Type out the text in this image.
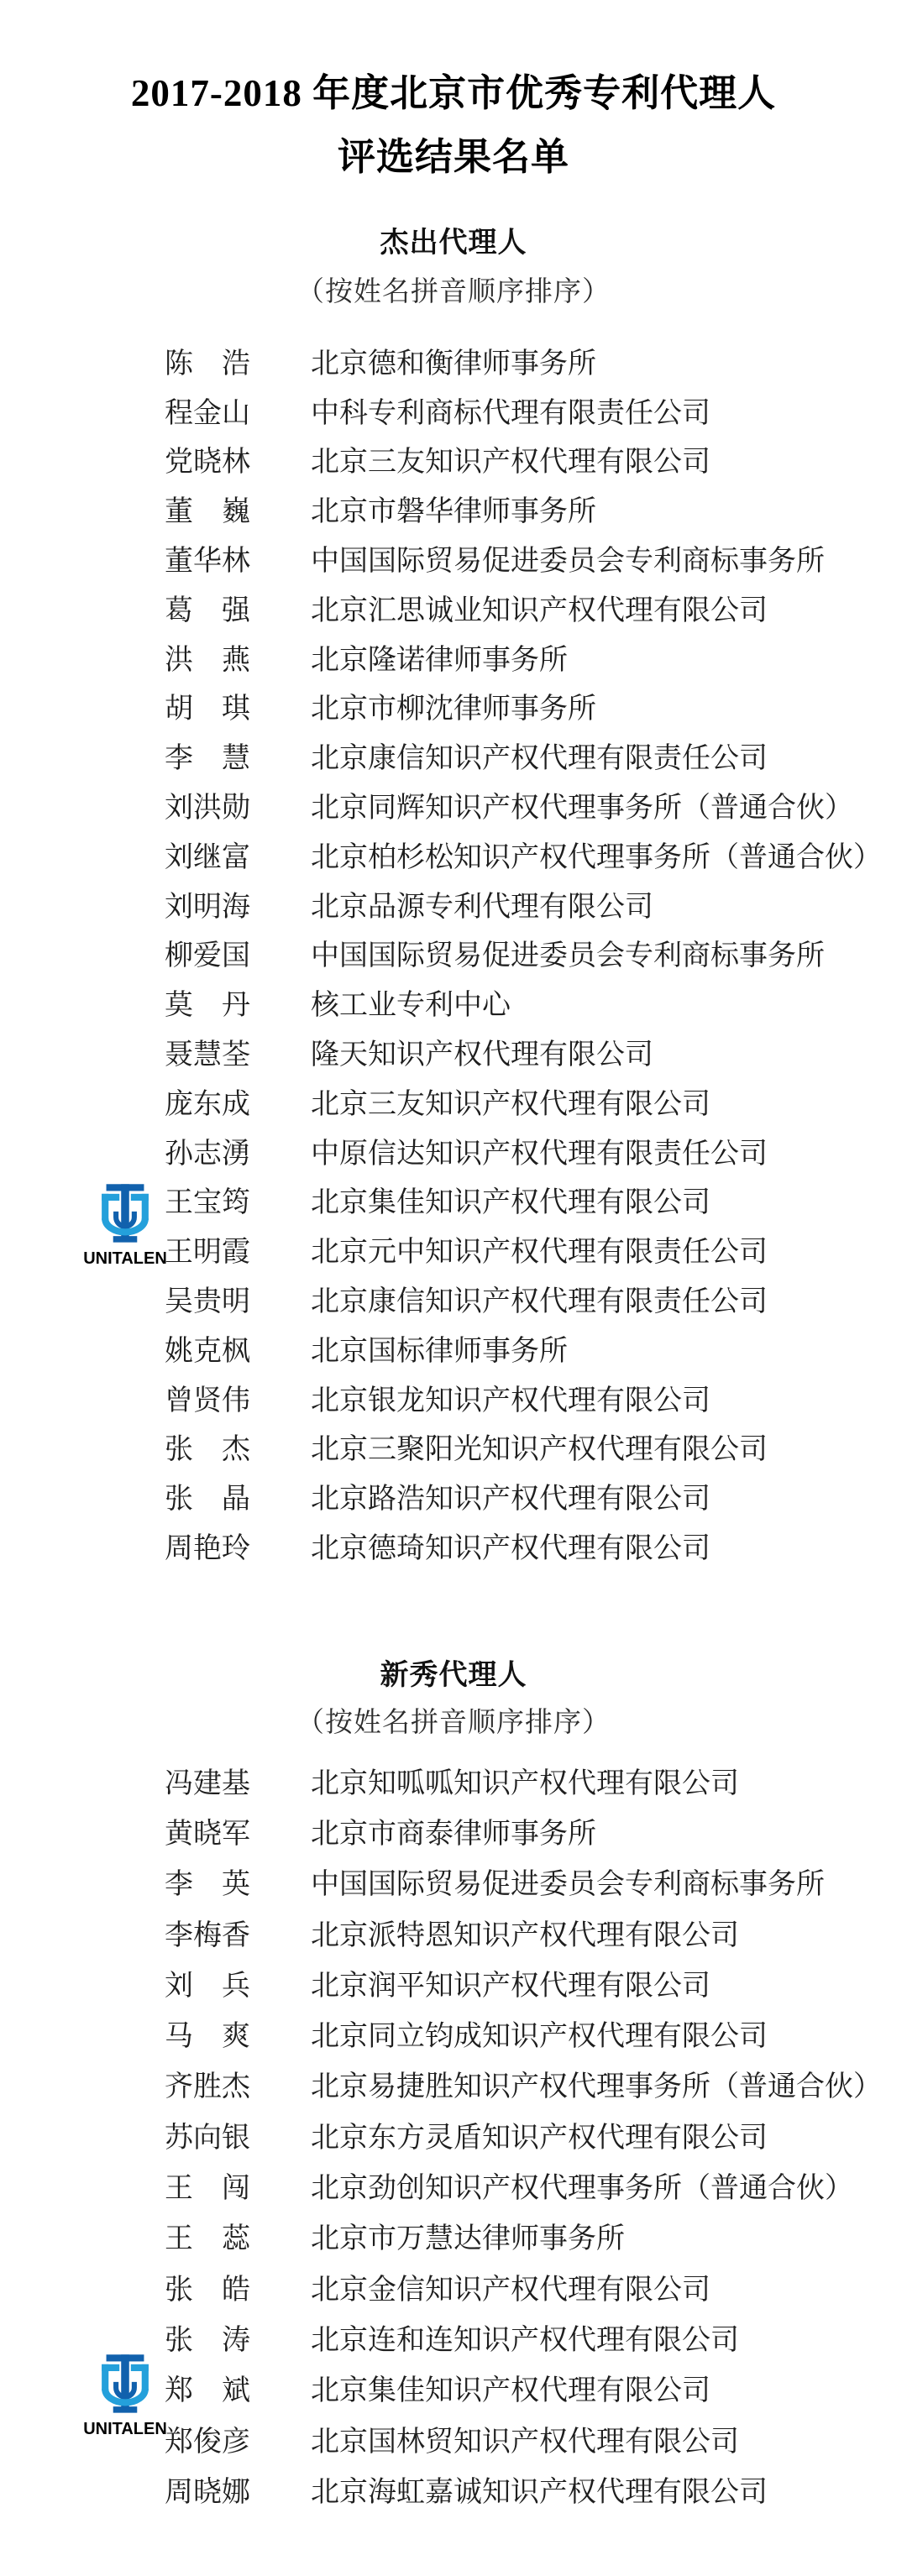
2017-2018 年度北京市优秀专利代理人
评选结果名单
杰出代理人
（按姓名拼音顺序排序）
陈　浩 北京德和衡律师事务所
程金山 中科专利商标代理有限责任公司
党晓林 北京三友知识产权代理有限公司
董　巍 北京市磐华律师事务所
董华林 中国国际贸易促进委员会专利商标事务所
葛　强 北京汇思诚业知识产权代理有限公司
洪　燕 北京隆诺律师事务所
胡　琪 北京市柳沈律师事务所
李　慧 北京康信知识产权代理有限责任公司
刘洪勋 北京同辉知识产权代理事务所（普通合伙）
刘继富 北京柏杉松知识产权代理事务所（普通合伙）
刘明海 北京品源专利代理有限公司
柳爱国 中国国际贸易促进委员会专利商标事务所
莫　丹 核工业专利中心
聂慧荃 隆天知识产权代理有限公司
庞东成 北京三友知识产权代理有限公司
孙志湧 中原信达知识产权代理有限责任公司
王宝筠 北京集佳知识产权代理有限公司
王明霞 北京元中知识产权代理有限责任公司
吴贵明 北京康信知识产权代理有限责任公司
姚克枫 北京国标律师事务所
曾贤伟 北京银龙知识产权代理有限公司
张　杰 北京三聚阳光知识产权代理有限公司
张　晶 北京路浩知识产权代理有限公司
周艳玲 北京德琦知识产权代理有限公司
新秀代理人
（按姓名拼音顺序排序）
冯建基 北京知呱呱知识产权代理有限公司
黄晓军 北京市商泰律师事务所
李　英 中国国际贸易促进委员会专利商标事务所
李梅香 北京派特恩知识产权代理有限公司
刘　兵 北京润平知识产权代理有限公司
马　爽 北京同立钧成知识产权代理有限公司
齐胜杰 北京易捷胜知识产权代理事务所（普通合伙）
苏向银 北京东方灵盾知识产权代理有限公司
王　闯 北京劲创知识产权代理事务所（普通合伙）
王　蕊 北京市万慧达律师事务所
张　皓 北京金信知识产权代理有限公司
张　涛 北京连和连知识产权代理有限公司
郑　斌 北京集佳知识产权代理有限公司
郑俊彦 北京国林贸知识产权代理有限公司
周晓娜 北京海虹嘉诚知识产权代理有限公司
UNITALEN
UNITALEN
